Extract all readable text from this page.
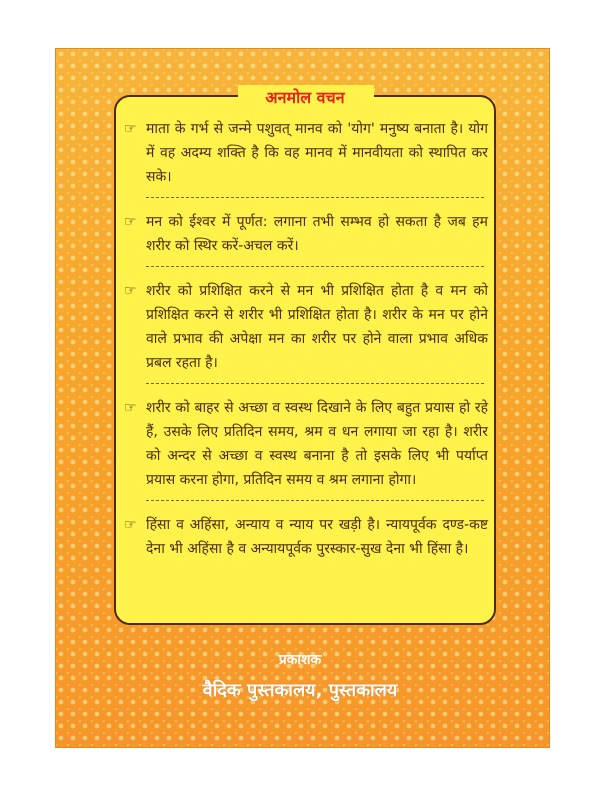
अनमोल वचन
☞ माता के गर्भ से जन्मे पशुवत् मानव को 'योग' मनुष्य बनाता है। योग में वह अदम्य शक्ति है कि वह मानव में मानवीयता को स्थापित कर सके।
☞ मन को ईश्वर में पूर्णत: लगाना तभी सम्भव हो सकता है जब हम शरीर को स्थिर करें-अचल करें।
☞ शरीर को प्रशिक्षित करने से मन भी प्रशिक्षित होता है व मन को प्रशिक्षित करने से शरीर भी प्रशिक्षित होता है। शरीर के मन पर होने वाले प्रभाव की अपेक्षा मन का शरीर पर होने वाला प्रभाव अधिक प्रबल रहता है।
☞ शरीर को बाहर से अच्छा व स्वस्थ दिखाने के लिए बहुत प्रयास हो रहे हैं, उसके लिए प्रतिदिन समय, श्रम व धन लगाया जा रहा है। शरीर को अन्दर से अच्छा व स्वस्थ बनाना है तो इसके लिए भी पर्याप्त प्रयास करना होगा, प्रतिदिन समय व श्रम लगाना होगा।
☞ हिंसा व अहिंसा, अन्याय व न्याय पर खड़ी है। न्यायपूर्वक दण्ड-कष्ट देना भी अहिंसा है व अन्यायपूर्वक पुरस्कार-सुख देना भी हिंसा है।
प्रकाशक
वैदिक पुस्तकालय, पुस्तकालय
